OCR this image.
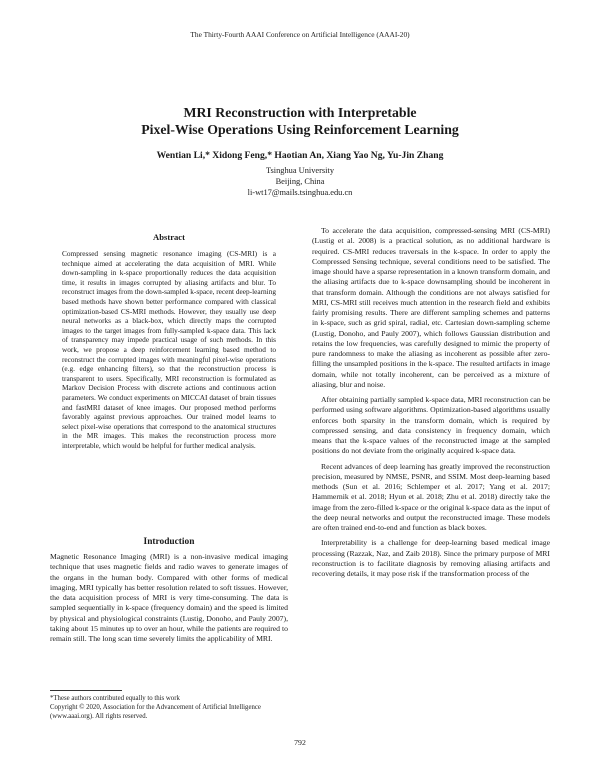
The Thirty-Fourth AAAI Conference on Artificial Intelligence (AAAI-20)
MRI Reconstruction with Interpretable
Pixel-Wise Operations Using Reinforcement Learning
Wentian Li,* Xidong Feng,* Haotian An, Xiang Yao Ng, Yu-Jin Zhang
Tsinghua University
Beijing, China
li-wt17@mails.tsinghua.edu.cn
Abstract

Compressed sensing magnetic resonance imaging (CS-MRI) is a technique aimed at accelerating the data acquisition of MRI. While down-sampling in k-space proportionally reduces the data acquisition time, it results in images corrupted by aliasing artifacts and blur. To reconstruct images from the down-sampled k-space, recent deep-learning based methods have shown better performance compared with classical optimization-based CS-MRI methods. However, they usually use deep neural networks as a black-box, which directly maps the corrupted images to the target images from fully-sampled k-space data. This lack of transparency may impede practical usage of such methods. In this work, we propose a deep reinforcement learning based method to reconstruct the corrupted images with meaningful pixel-wise operations (e.g. edge enhancing filters), so that the reconstruction process is transparent to users. Specifically, MRI reconstruction is formulated as Markov Decision Process with discrete actions and continuous action parameters. We conduct experiments on MICCAI dataset of brain tissues and fastMRI dataset of knee images. Our proposed method performs favorably against previous approaches. Our trained model learns to select pixel-wise operations that correspond to the anatomical structures in the MR images. This makes the reconstruction process more interpretable, which would be helpful for further medical analysis.

Introduction

Magnetic Resonance Imaging (MRI) is a non-invasive medical imaging technique that uses magnetic fields and radio waves to generate images of the organs in the human body. Compared with other forms of medical imaging, MRI typically has better resolution related to soft tissues. However, the data acquisition process of MRI is very time-consuming. The data is sampled sequentially in k-space (frequency domain) and the speed is limited by physical and physiological constraints (Lustig, Donoho, and Pauly 2007), taking about 15 minutes up to over an hour, while the patients are required to remain still. The long scan time severely limits the applicability of MRI.

*These authors contributed equally to this work

Copyright © 2020, Association for the Advancement of Artificial Intelligence (www.aaai.org). All rights reserved.

To accelerate the data acquisition, compressed-sensing MRI (CS-MRI) (Lustig et al. 2008) is a practical solution, as no additional hardware is required. CS-MRI reduces traversals in the k-space. In order to apply the Compressed Sensing technique, several conditions need to be satisfied. The image should have a sparse representation in a known transform domain, and the aliasing artifacts due to k-space downsampling should be incoherent in that transform domain. Although the conditions are not always satisfied for MRI, CS-MRI still receives much attention in the research field and exhibits fairly promising results. There are different sampling schemes and patterns in k-space, such as grid spiral, radial, etc. Cartesian down-sampling scheme (Lustig, Donoho, and Pauly 2007), which follows Gaussian distribution and retains the low frequencies, was carefully designed to mimic the property of pure randomness to make the aliasing as incoherent as possible after zero-filling the unsampled positions in the k-space. The resulted artifacts in image domain, while not totally incoherent, can be perceived as a mixture of aliasing, blur and noise.

After obtaining partially sampled k-space data, MRI reconstruction can be performed using software algorithms. Optimization-based algorithms usually enforces both sparsity in the transform domain, which is required by compressed sensing, and data consistency in frequency domain, which means that the k-space values of the reconstructed image at the sampled positions do not deviate from the originally acquired k-space data.

Recent advances of deep learning has greatly improved the reconstruction precision, measured by NMSE, PSNR, and SSIM. Most deep-learning based methods (Sun et al. 2016; Schlemper et al. 2017; Yang et al. 2017; Hammernik et al. 2018; Hyun et al. 2018; Zhu et al. 2018) directly take the image from the zero-filled k-space or the original k-space data as the input of the deep neural networks and output the reconstructed image. These models are often trained end-to-end and function as black boxes.

Interpretability is a challenge for deep-learning based medical image processing (Razzak, Naz, and Zaib 2018). Since the primary purpose of MRI reconstruction is to facilitate diagnosis by removing aliasing artifacts and recovering details, it may pose risk if the transformation process of the

792
